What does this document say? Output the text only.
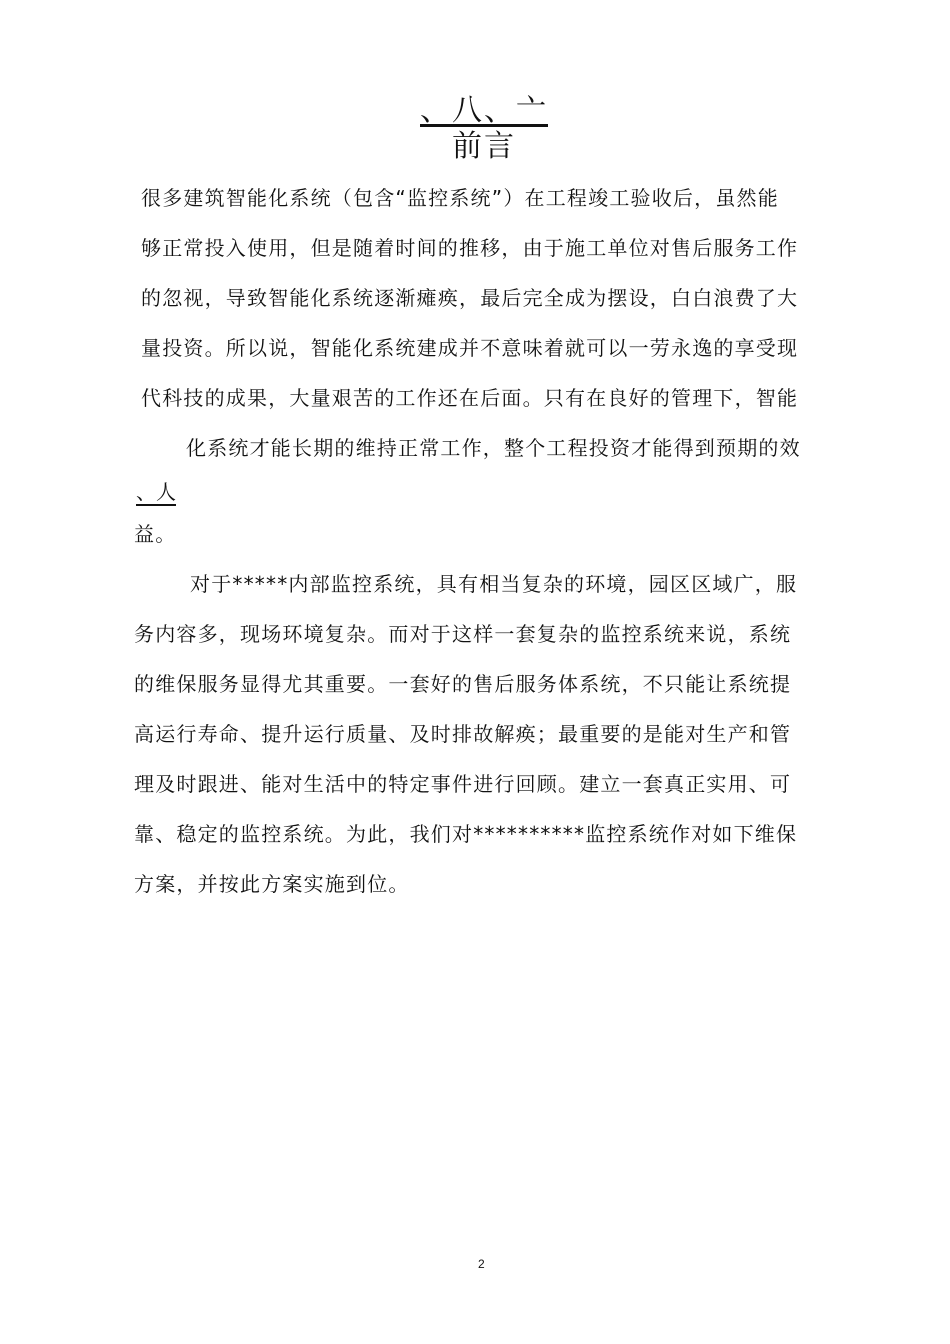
、八、亠
前言
很多建筑智能化系统（包含“监控系统”）在工程竣工验收后，虽然能
够正常投入使用，但是随着时间的推移，由于施工单位对售后服务工作
的忽视，导致智能化系统逐渐瘫痪，最后完全成为摆设，白白浪费了大
量投资。所以说，智能化系统建成并不意味着就可以一劳永逸的享受现
代科技的成果，大量艰苦的工作还在后面。只有在良好的管理下，智能
化系统才能长期的维持正常工作，整个工程投资才能得到预期的效
、人
益。
对于*****内部监控系统，具有相当复杂的环境，园区区域广，服
务内容多，现场环境复杂。而对于这样一套复杂的监控系统来说，系统
的维保服务显得尤其重要。一套好的售后服务体系统，不只能让系统提
高运行寿命、提升运行质量、及时排故解痪；最重要的是能对生产和管
理及时跟进、能对生活中的特定事件进行回顾。建立一套真正实用、可
靠、稳定的监控系统。为此，我们对**********监控系统作对如下维保
方案，并按此方案实施到位。
2
